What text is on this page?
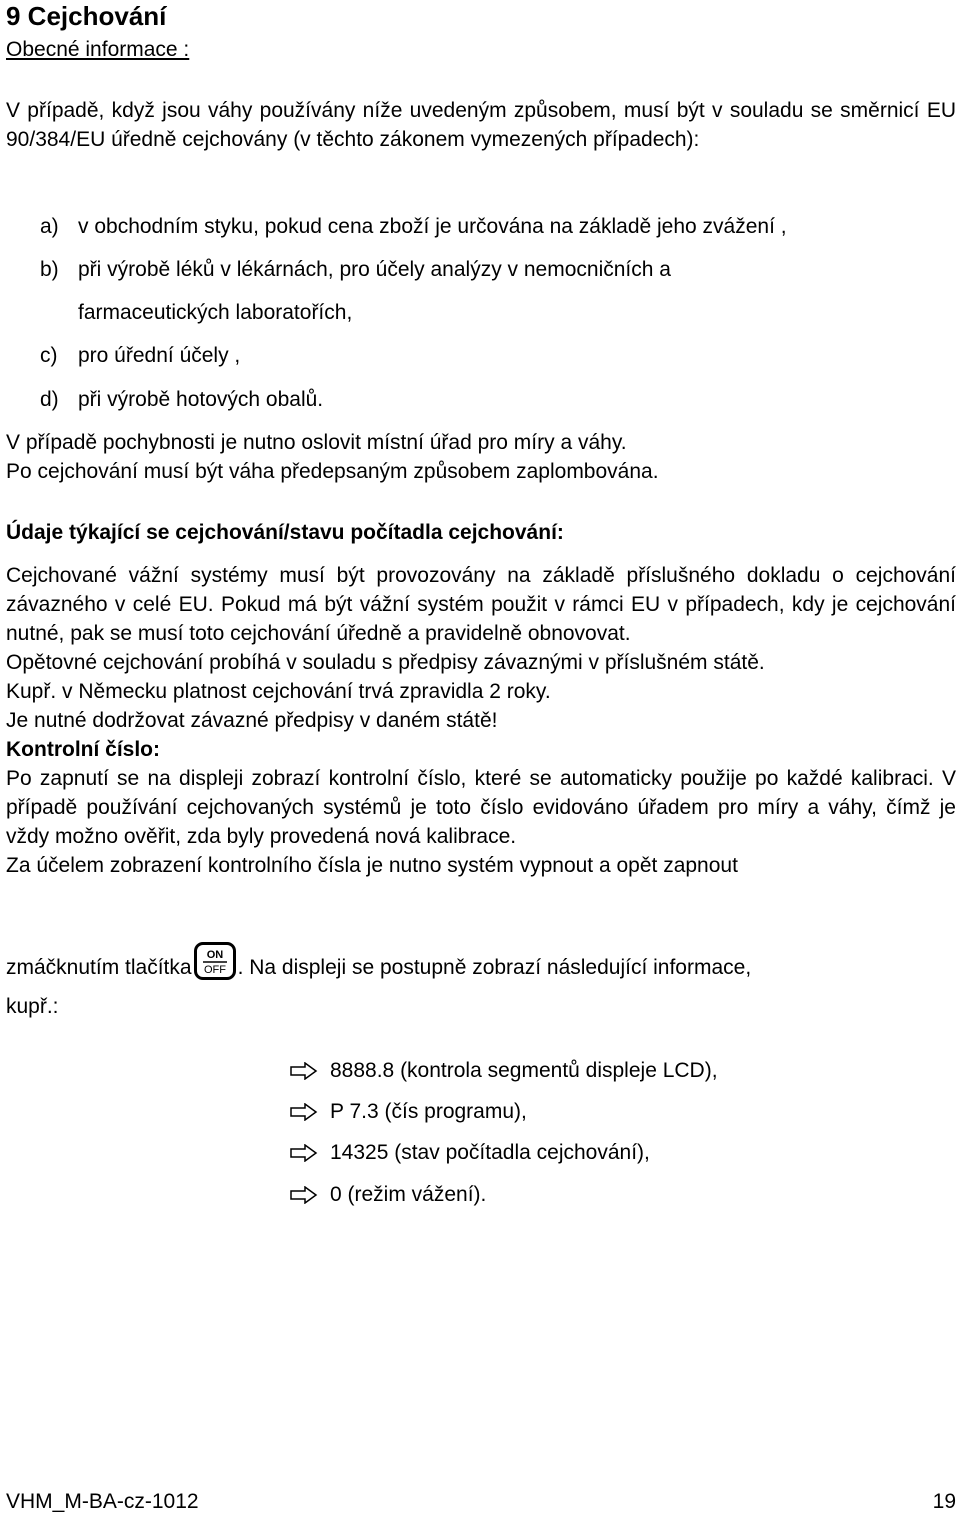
9 Cejchování

Obecné informace :

V případě, když jsou váhy používány níže uvedeným způsobem, musí být v souladu se směrnicí EU 90/384/EU úředně cejchovány (v těchto zákonem vymezených případech):

a) v obchodním styku, pokud cena zboží je určována na základě jeho zvážení ,
b) při výrobě léků v lékárnách, pro účely analýzy v nemocničních a
farmaceutických laboratořích,
c) pro úřední účely ,
d) při výrobě hotových obalů.

V případě pochybnosti je nutno oslovit místní úřad pro míry a váhy.

Po cejchování musí být váha předepsaným způsobem zaplombována.

Údaje týkající se cejchování/stavu počítadla cejchování:

Cejchované vážní systémy musí být provozovány na základě příslušného dokladu o cejchování závazného v celé EU. Pokud má být vážní systém použit v rámci EU v případech, kdy je cejchování nutné, pak se musí toto cejchování úředně a pravidelně obnovovat.

Opětovné cejchování probíhá v souladu s předpisy závaznými v příslušném státě.

Kupř. v Německu platnost cejchování trvá zpravidla 2 roky.

Je nutné dodržovat závazné předpisy v daném státě!

Kontrolní číslo:

Po zapnutí se na displeji zobrazí kontrolní číslo, které se automaticky použije po každé kalibraci. V případě používání cejchovaných systémů je toto číslo evidováno úřadem pro míry a váhy, čímž je vždy možno ověřit, zda byly provedená nová kalibrace.

Za účelem zobrazení kontrolního čísla je nutno systém vypnout a opět zapnout

zmáčknutím tlačítka
ON
OFF . Na displeji se postupně zobrazí následující informace,

kupř.:

8888.8 (kontrola segmentů displeje LCD),
P 7.3 (čís programu),
14325 (stav počítadla cejchování),
0 (režim vážení).
VHM_M-BA-cz-1012	19
